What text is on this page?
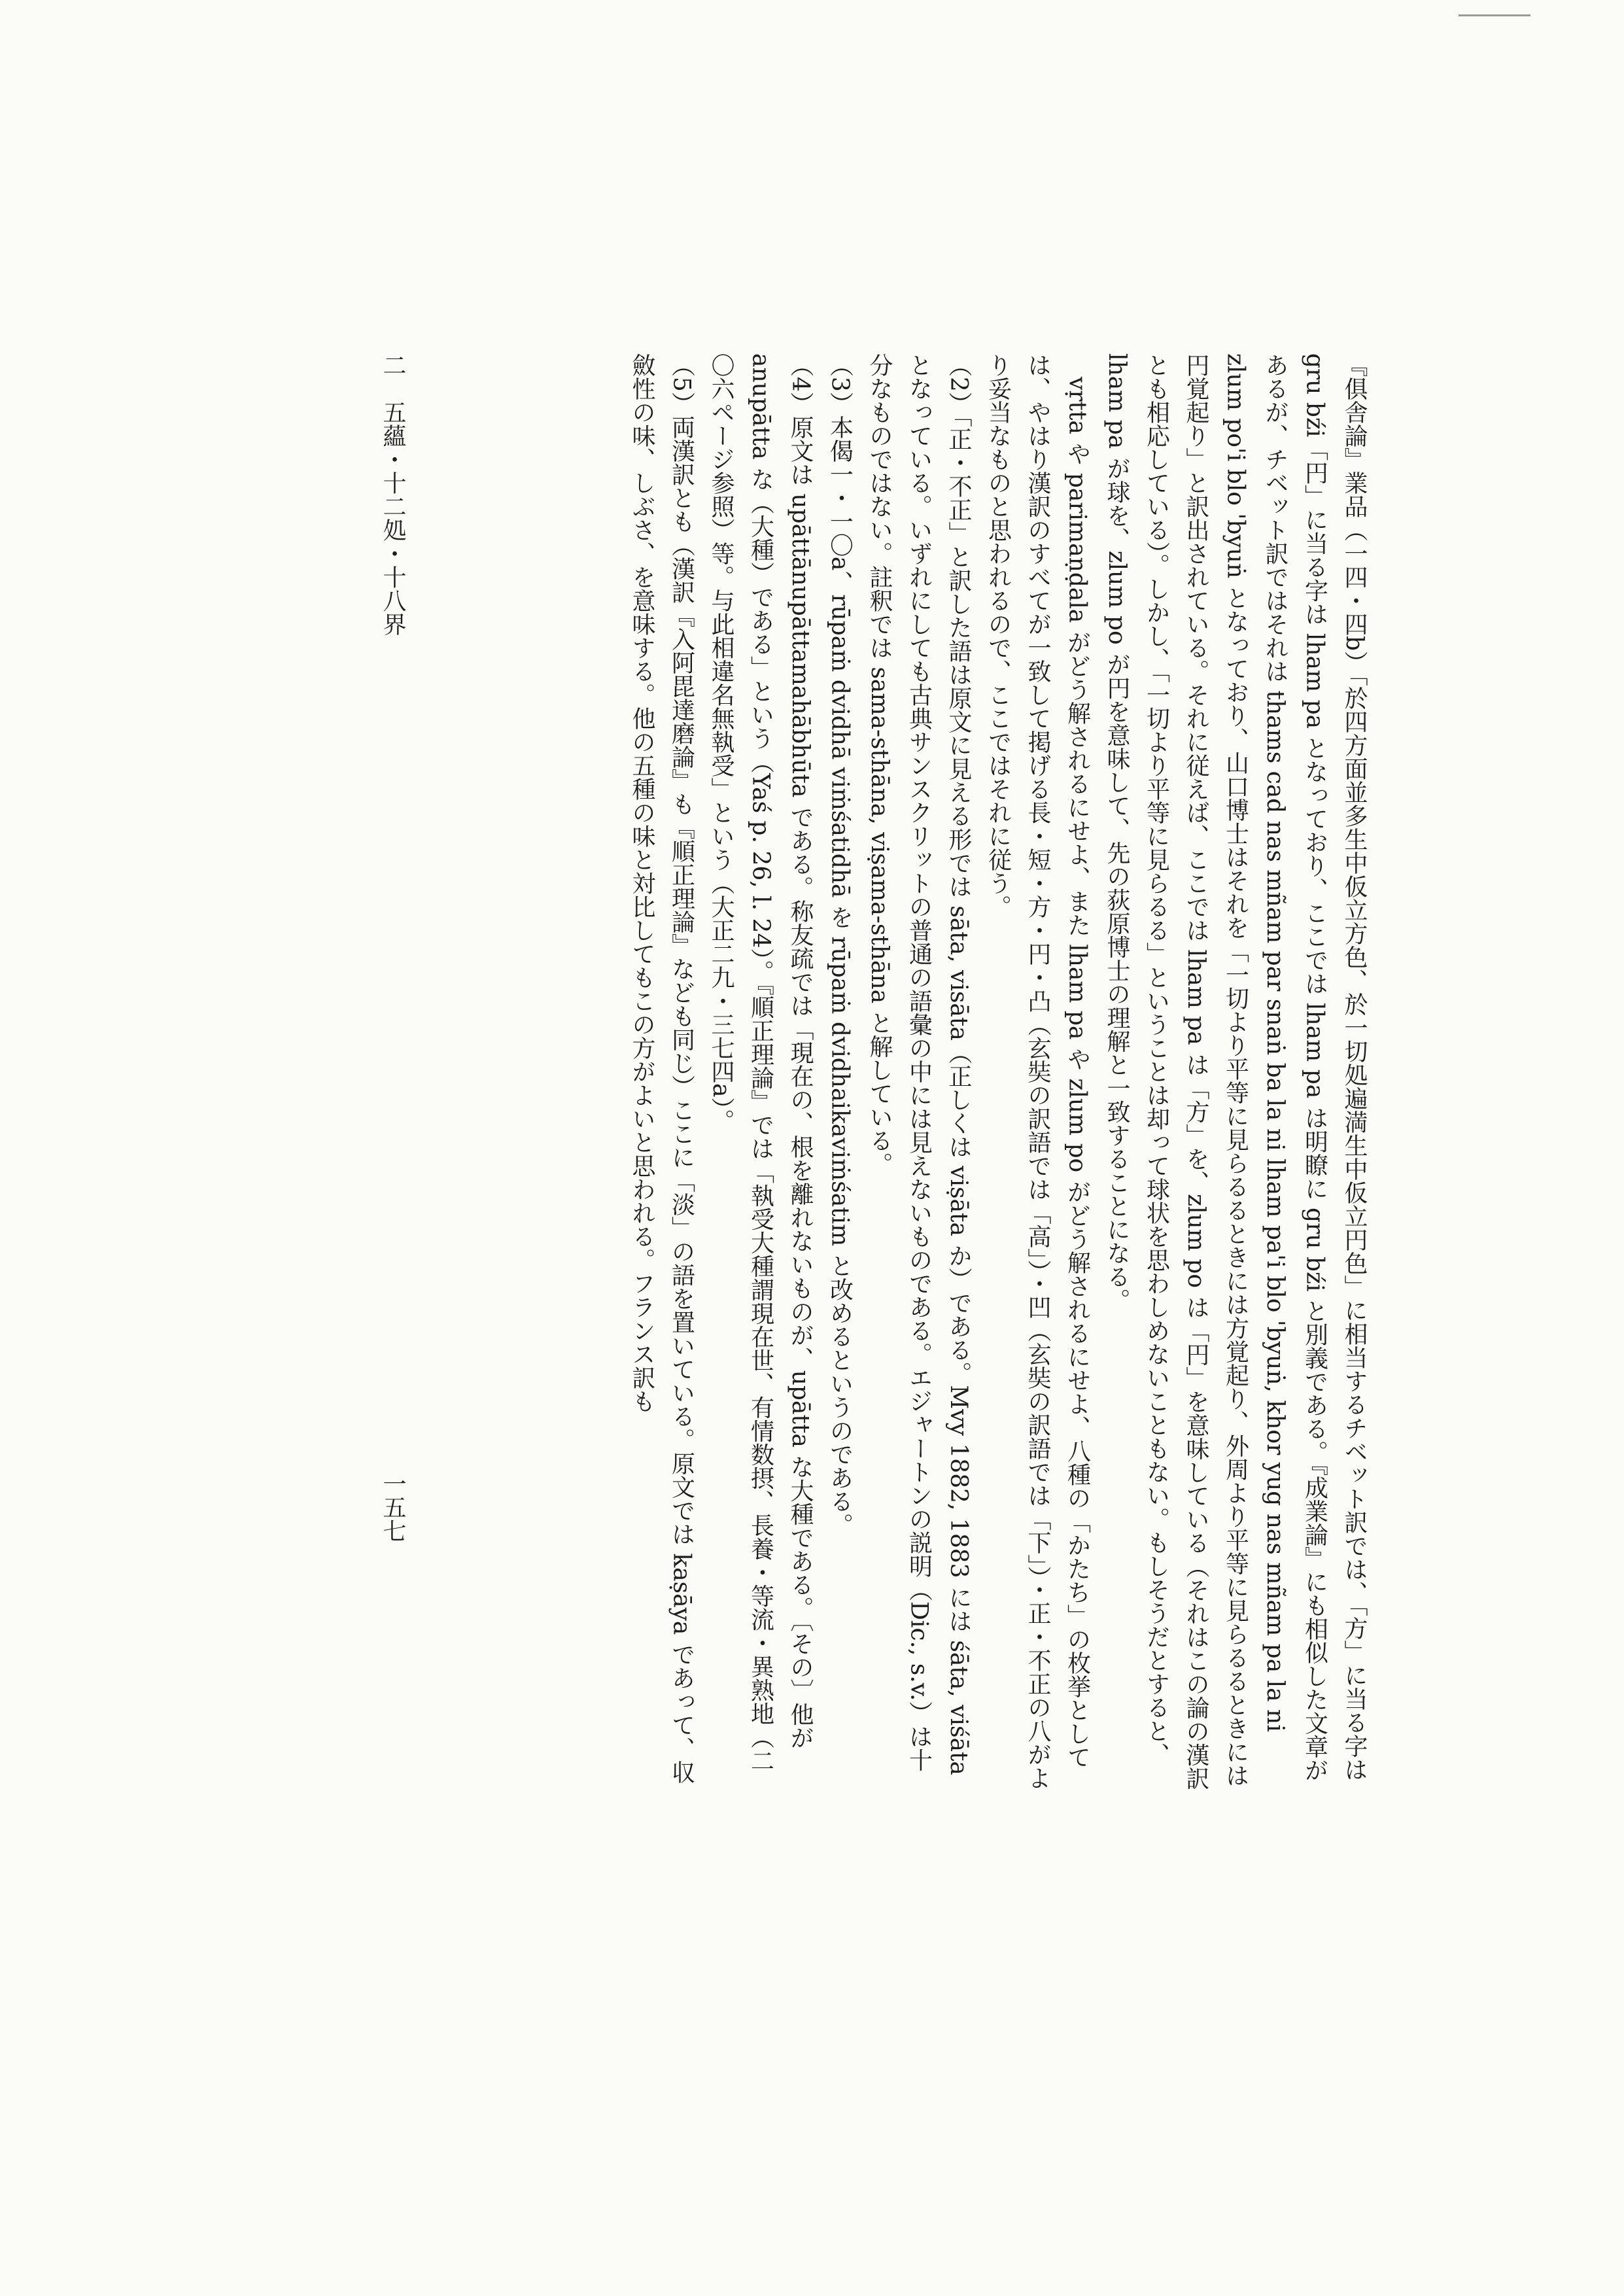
『俱舎論』業品（一四・四b）「於四方面並多生中仮立方色、於一切処遍満生中仮立円色」に相当するチベット訳では、「方」に当る字は gru bźi「円」に当る字は lham pa となっており、ここでは lham pa は明瞭に gru bźi と別義である。『成業論』にも相似した文章があるが、チベット訳ではそれは thams cad nas mñam par snaṅ ba la ni lham pa'i blo 'byuṅ, khor yug nas mñam pa la ni zlum po'i blo 'byuṅ となっており、山口博士はそれを「一切より平等に見らるるときには方覚起り、外周より平等に見らるるときには円覚起り」と訳出されている。それに従えば、ここでは lham pa は「方」を、zlum po は「円」を意味している（それはこの論の漢訳とも相応している）。しかし、「一切より平等に見らるる」ということは却って球状を思わしめないこともない。もしそうだとすると、lham pa が球を、zlum po が円を意味して、先の荻原博士の理解と一致することになる。

vṛtta や parimaṇḍala がどう解されるにせよ、また lham pa や zlum po がどう解されるにせよ、八種の「かたち」の枚挙としては、やはり漢訳のすべてが一致して掲げる長・短・方・円・凸（玄奘の訳語では「高」）・凹（玄奘の訳語では「下」）・正・不正の八がより妥当なものと思われるので、ここではそれに従う。

（2）「正・不正」と訳した語は原文に見える形では sāta, visāta（正しくは viṣāta か）である。Mvy 1882, 1883 には śāta, viśāta となっている。いずれにしても古典サンスクリットの普通の語彙の中には見えないものである。エジャートンの説明（Dic., s.v.）は十分なものではない。註釈では sama-sthāna, viṣama-sthāna と解している。

（3）本偈一・一〇a、rūpaṁ dvidhā viṁśatidhā を rūpaṁ dvidhaikaviṁśatim と改めるというのである。

（4）原文は upāttānupāttamahābhūta である。称友疏では「現在の、根を離れないものが、upātta な大種である。〔その〕他が anupātta な（大種）である」という（Yaś p. 26, l. 24）。『順正理論』では「執受大種謂現在世、有情数摂、長養・等流・異熟地（二〇六ページ参照）等。与此相違名無執受」という（大正二九・三七四a）。

（5）両漢訳とも（漢訳『入阿毘達磨論』も『順正理論』なども同じ）ここに「淡」の語を置いている。原文では kaṣāya であって、収斂性の味、しぶさ、を意味する。他の五種の味と対比してもこの方がよいと思われる。フランス訳も

二　五蘊・十二処・十八界
一五七
